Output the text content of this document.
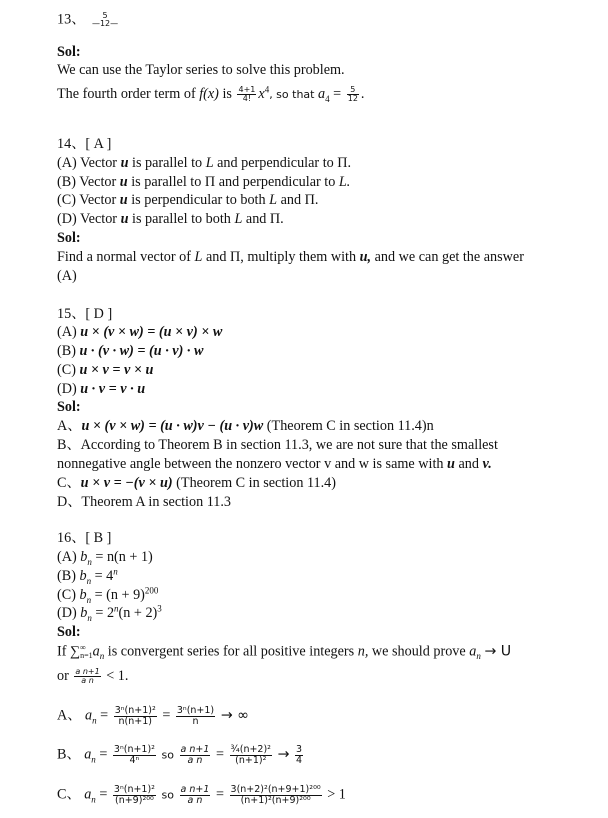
13、	5
—12—
Sol:
We can use the Taylor series to solve this problem.
The fourth order term of f(x) is $\frac{4+1}{4!} x^4$, so that $a_4 = \frac{5}{12}$ .
14、[ A ]
(A) Vector u is parallel to L and perpendicular to Π.
(B) Vector u is parallel to Π and perpendicular to L.
(C) Vector u is perpendicular to both L and Π.
(D) Vector u is parallel to both L and Π.
Sol:
Find a normal vector of L and Π, multiply them with u, and we can get the answer
(A)
15、[ D ]
(A) u × (v × w) = (u × v) × w
(B) u · (v · w) = (u · v) · w
(C) u × v = v × u
(D) u · v = v · u
Sol:
A、u × (v × w) = (u · w)v − (u · v)w (Theorem C in section 11.4)n
B、According to Theorem B in section 11.3, we are not sure that the smallest
nonnegative angle between the nonzero vector v and w is same with u and v.
C、u × v = −(v × u) (Theorem C in section 11.4)
D、Theorem A in section 11.3
16、[ B ]
(A) $b_n = n(n + 1)$
(B) $b_n = 4^n$
(C) $b_n = (n + 9)^{200}$
(D) $b_n = 2^n(n + 2)^3$
Sol:
If ∑ ∞
n=1 $a_n$ is convergent series for all positive integers n, we should prove $a_n \to U$
or $\frac{\text{a n+1}}{\text{a n}} < 1$.
A、 $a_n = \frac{\text{3ⁿ(n+1)²}}{n(n+1)} = \frac{\text{3ⁿ(n+1)}}{n}$ → ∞
B、 $a_n = \frac{\text{3ⁿ(n+1)²}}{\text{4ⁿ}}$ so $\frac{\text{a n+1}}{\text{a n}} = \frac{\text{¾(n+2)²}}{\text{(n+1)²}} \to \frac{3}{4}$
C、 $a_n = \frac{\text{3ⁿ(n+1)²}}{\text{(n+9)²⁰⁰}}$ so $\frac{\text{a n+1}}{\text{a n}} = \frac{\text{3(n+2)²(n+9+1)²⁰⁰}}{\text{(n+1)²(n+9)²⁰⁰}} > 1$
